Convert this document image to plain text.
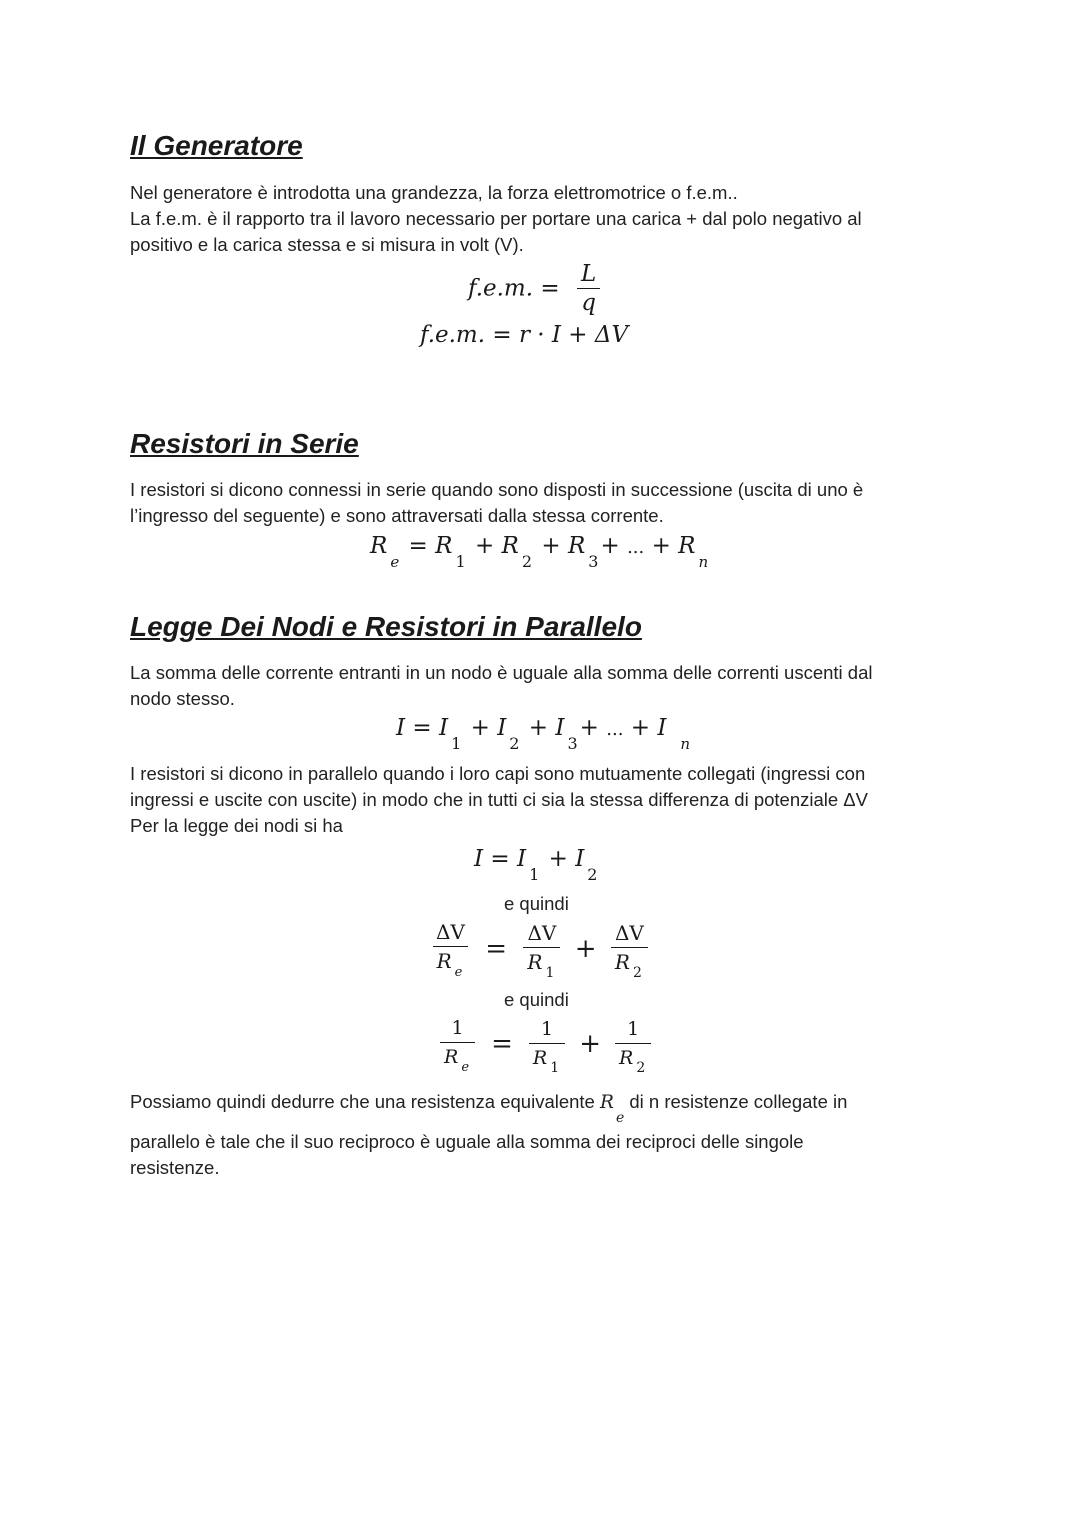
Il Generatore

Nel generatore è introdotta una grandezza, la forza elettromotrice o f.e.m..
La f.e.m. è il rapporto tra il lavoro necessario per portare una carica + dal polo negativo al
positivo e la carica stessa e si misura in volt (V).

f.e.m. = $\frac{L}{q}$
f.e.m. = r · I + ΔV
Resistori in Serie

I resistori si dicono connessi in serie quando sono disposti in successione (uscita di uno è
l’ingresso del seguente) e sono attraversati dalla stessa corrente.

Re = R1 + R2 + R3+ ... + Rn
Legge Dei Nodi e Resistori in Parallelo

La somma delle corrente entranti in un nodo è uguale alla somma delle correnti uscenti dal
nodo stesso.

I = I1 + I2 + I3+ ... + In

I resistori si dicono in parallelo quando i loro capi sono mutuamente collegati (ingressi con
ingressi e uscite con uscite) in modo che in tutti ci sia la stessa differenza di potenziale ΔV
Per la legge dei nodi si ha

I = I1 + I2
e quindi
$\frac{\Delta V}{\text{R e}} = \frac{\Delta V}{R 1} + \frac{\Delta V}{R 2}$
e quindi
$\frac{1}{\text{R e}} = \frac{1}{R 1} + \frac{1}{R 2}$

Possiamo quindi dedurre che una resistenza equivalente Re di n resistenze collegate in
parallelo è tale che il suo reciproco è uguale alla somma dei reciproci delle singole
resistenze.
